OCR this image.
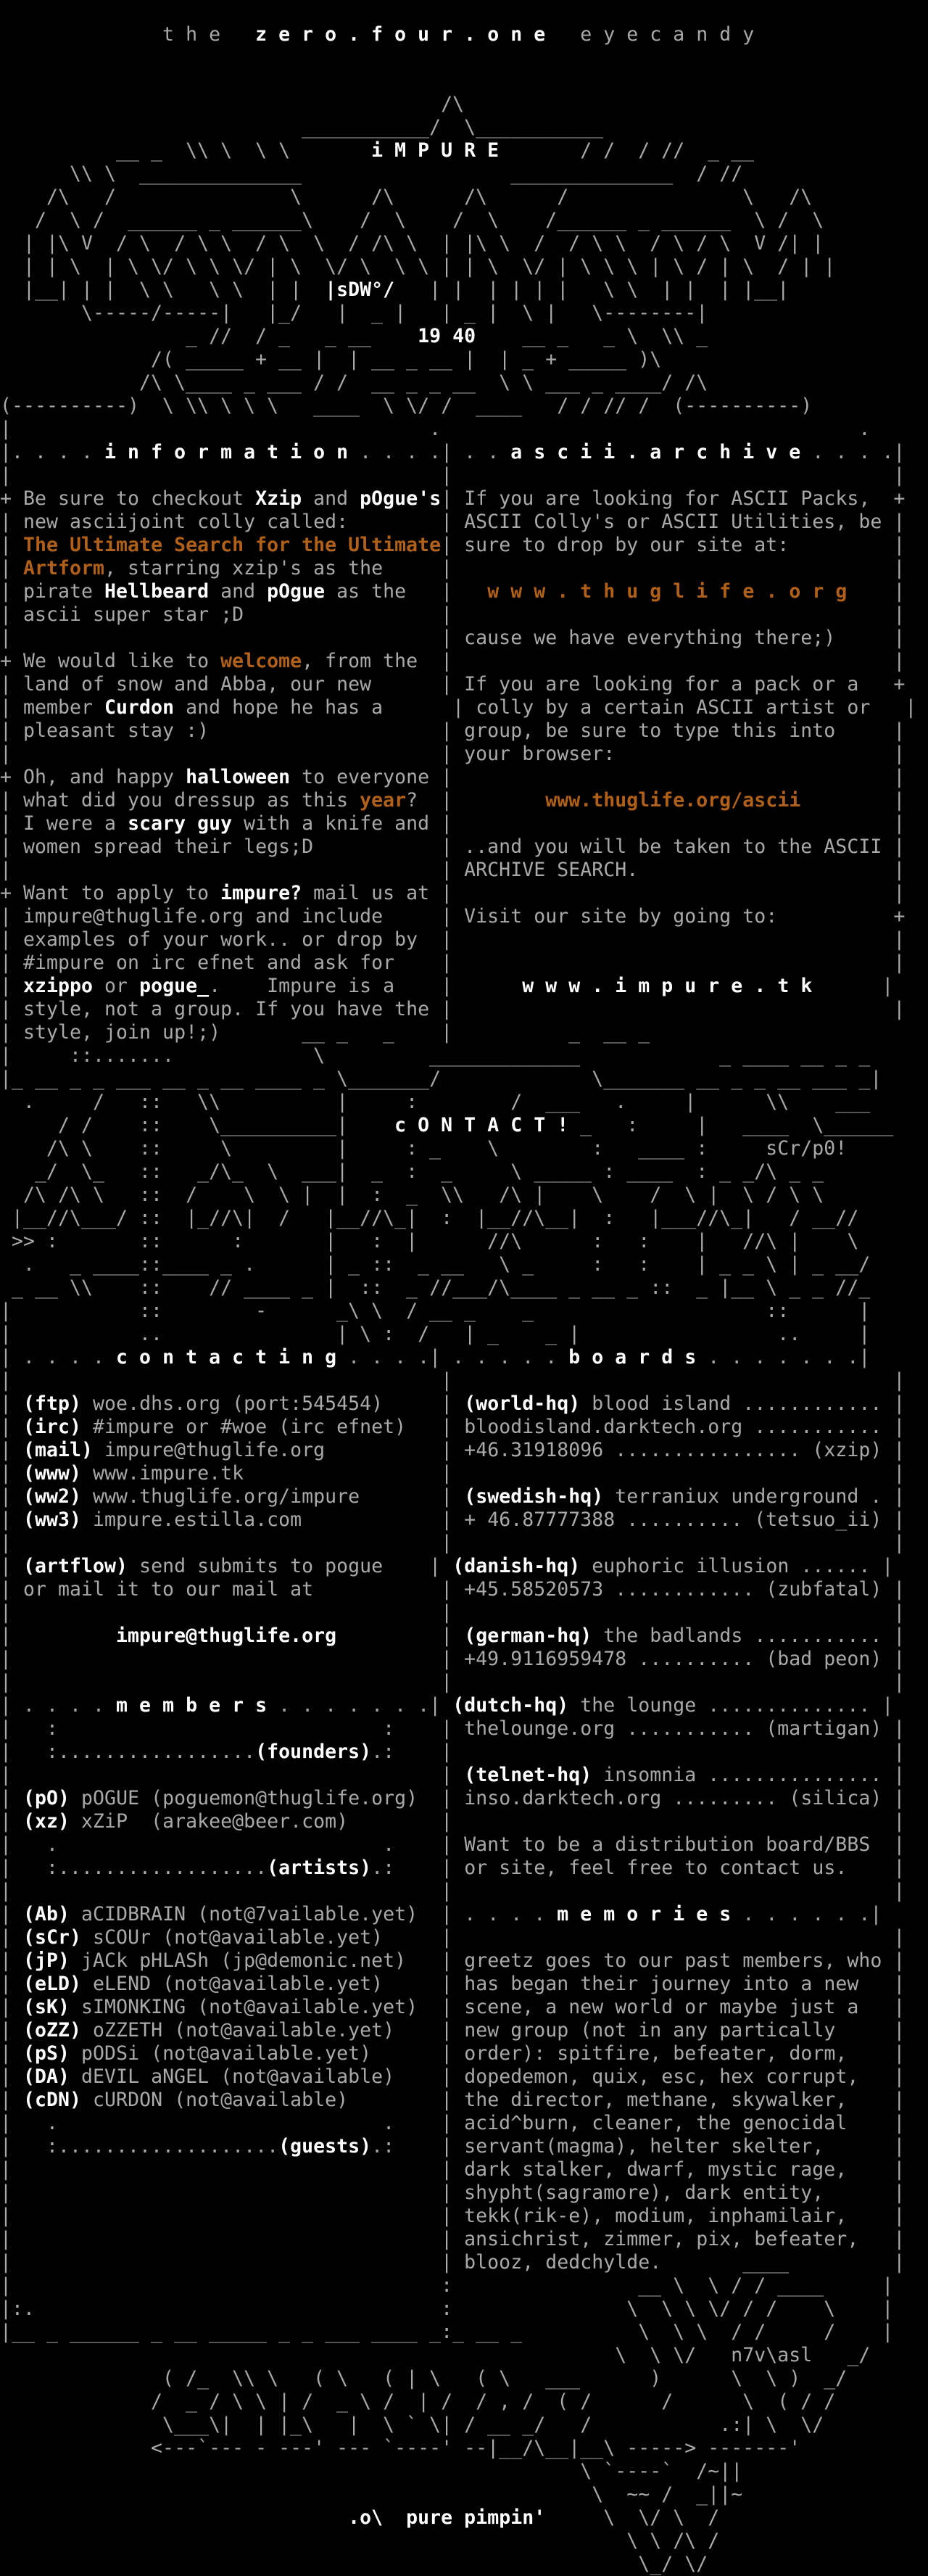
t h e   z e r o . f o u r . o n e   e y e c a n d y

/\
___________/  \___________
__ _  \\ \  \ \       i M P U R E       / /  / //  _ __
\\ \  ______________                  ______________  / //
/\   /               \      /\      /\      /               \   /\
/  \ /  ______ _ ______\    /  \    /  \    /______ _ ______  \ /  \
| |\ V  / \  / \ \  / \  \  / /\ \  | |\ \  /  / \ \  / \ / \  V /| |
| | \  | \ \/ \ \ \/ | \  \/ \  \ \ | | \  \/ | \ \ \ | \ / | \  / | |
|__| | |  \ \   \ \  | |  |sDW°/   | |  | | | |   \ \  | |  | |__|
\-----/-----|   |_/   |  _ |   | _ |  \ |   \--------|
_ //  / _   _ __    19 40    __ _   _ \  \\ _
/( _____ + __ |  | __ _ __ |  | _ + _____ )\
/\ \____ _ ___ / /  __ _ _ __  \ \ ___ _ ____/ /\
(----------)  \ \\ \ \ \   ____  \ \/ /  ____   / / // /  (----------)

|                                    .                                    .
|. . . . i n f o r m a t i o n . . . .| . . a s c i i . a r c h i v e . . . .|
|                                     |                                      |
+ Be sure to checkout Xzip and pOgue's| If you are looking for ASCII Packs,  +
| new asciijoint colly called:        | ASCII Colly's or ASCII Utilities, be |
| The Ultimate Search for the Ultimate| sure to drop by our site at:         |
| Artform, starring xzip's as the     |                                      |
| pirate Hellbeard and pOgue as the   |   w w w . t h u g l i f e . o r g    |
| ascii super star ;D                 |                                      |
|                                     | cause we have everything there;)     |
+ We would like to welcome, from the  |                                      |
| land of snow and Abba, our new      | If you are looking for a pack or a   +
| member Curdon and hope he has a      | colly by a certain ASCII artist or   |
| pleasant stay :)                    | group, be sure to type this into     |
|                                     | your browser:                        |
+ Oh, and happy halloween to everyone |                                      |
| what did you dressup as this year?  |        www.thuglife.org/ascii        |
| I were a scary guy with a knife and |                                      |
| women spread their legs;D           | ..and you will be taken to the ASCII |
|                                     | ARCHIVE SEARCH.                      |
+ Want to apply to impure? mail us at |                                      |
| impure@thuglife.org and include     | Visit our site by going to:          +
| examples of your work.. or drop by  |                                      |
| #impure on irc efnet and ask for    |                                      |
| xzippo or pogue_.    Impure is a    |      w w w . i m p u r e . t k      |
| style, not a group. If you have the |                                      |

| style, join up!;)       __ _   _    |          _  __ _
|     ::.......            \         _____________            _ ____ __ _ _
|_ __ _ _ ___ __ _ __ ____ _ \_______/             \_______ __ _ _ __ ___ _|
.     /   ::   \\          |     :        /  ___   .     |      \\    ___
/ /    ::    \__________|    c O N T A C T ! _   :     |   ____  \______
/\ \    ::     \         |     : _    \        :   ____ :     sCr/p0!
_/  \_   ::   _/\_  \  ___|  _  :  _     \ _____ : ____  : _ _/\ _ _
/\ /\ \   ::  /    \  \ |  |  :  _  \\   /\ |    \    /  \ |  \ / \ \
|__//\___/ ::  |_//\|  /   |__//\_|  :  |__//\__|  :   |___//\_|   / __//
>> :       ::      :       |   :  |      //\      :   :    |   //\ |    \
.   _ ____::____ _ .      | _ ::  _ __   \ _     :   :    | _ _ \ | _ __/
_ __ \\    ::    // ____ _ |  ::  _ //___/\____ _ __ _ ::  _ |__ \ _ _ //_
|           ::        -      _\ \  / __ _    _                    ::      |
|           ..               | \ :  /   | _    _ |                 ..     |

| . . . . c o n t a c t i n g . . . .| . . . . . b o a r d s . . . . . . .|
|                                     |                                      |
| (ftp) woe.dhs.org (port:545454)     | (world-hq) blood island ............ |
| (irc) #impure or #woe (irc efnet)   | bloodisland.darktech.org ........... |
| (mail) impure@thuglife.org          | +46.31918096 ................ (xzip) |
| (www) www.impure.tk                 |                                      |
| (ww2) www.thuglife.org/impure       | (swedish-hq) terraniux underground . |
| (ww3) impure.estilla.com            | + 46.87777388 .......... (tetsuo_ii) |
|                                     |                                      |
| (artflow) send submits to pogue    | (danish-hq) euphoric illusion ...... |
| or mail it to our mail at           | +45.58520573 ............ (zubfatal) |
|                                     |                                      |
|         impure@thuglife.org         | (german-hq) the badlands ........... |
|                                     | +49.9116959478 .......... (bad peon) |
|                                     |                                      |
| . . . . m e m b e r s . . . . . . .| (dutch-hq) the lounge .............. |
|   :                            :    | thelounge.org ........... (martigan) |
|   :.................(founders).:    |                                      |
|                                     | (telnet-hq) insomnia ............... |
| (pO) pOGUE (poguemon@thuglife.org)  | inso.darktech.org ......... (silica) |
| (xz) xZiP  (arakee@beer.com)        |                                      |
|   .                            .    | Want to be a distribution board/BBS  |
|   :..................(artists).:    | or site, feel free to contact us.    |
|                                     |                                      |
| (Ab) aCIDBRAIN (not@7vailable.yet)  | . . . . m e m o r i e s . . . . . .|
| (sCr) sCOUr (not@available.yet)     |                                      |
| (jP) jACk pHLASh (jp@demonic.net)   | greetz goes to our past members, who |
| (eLD) eLEND (not@available.yet)     | has began their journey into a new   |
| (sK) sIMONKING (not@available.yet)  | scene, a new world or maybe just a   |
| (oZZ) oZZETH (not@available.yet)    | new group (not in any partically     |
| (pS) pODSi (not@available.yet)      | order): spitfire, befeater, dorm,    |
| (DA) dEVIL aNGEL (not@available)    | dopedemon, quix, esc, hex corrupt,   |
| (cDN) cURDON (not@available)        | the director, methane, skywalker,    |
|   .                            .    | acid^burn, cleaner, the genocidal    |
|   :...................(guests).:    | servant(magma), helter skelter,      |
|                                     | dark stalker, dwarf, mystic rage,    |
|                                     | shypht(sagramore), dark entity,      |
|                                     | tekk(rik-e), modium, inphamilair,    |
|                                     | ansichrist, zimmer, pix, befeater,   |
|                                     | blooz, dedchylde.       ____         |
|                                     :                __ \  \ / / ____     |
|:.                                   :               \  \ \ \/ / /    \    |
|__ _ ______ _ __ _____ _ _ ___ ____ _:_ __ _          \  \ \  / /     /    |

\  \ \/   n7v\asl   _/
( /_  \\ \   ( \   ( | \   ( \   ___      )      \  \ )  _/
/  _ / \ \ | /  _ \ /  | /  / , /  ( /      /      \  ( / /
\___\|  | |_\   |  \ ` \| / __ _/   /           .:| \  \/
<---`--- - ---' --- `----' --|__/\__|__\ -----> -------'
\ `----`  /~||
\  ~~ /  _||~
.o\  pure pimpin'     \  \/ \  /
\ \ /\ /
\_/ \/
